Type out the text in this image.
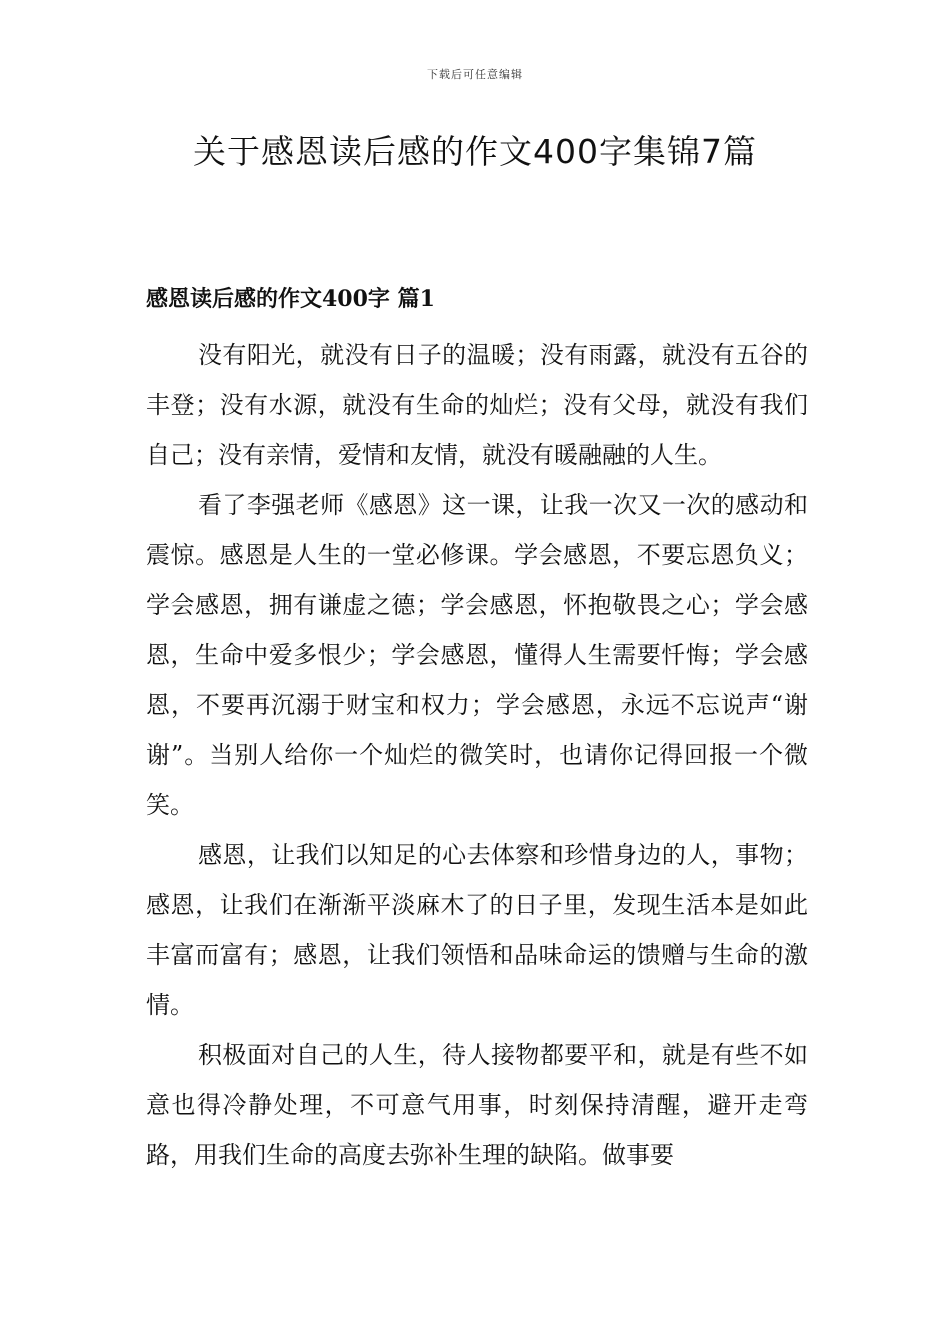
下载后可任意编辑
关于感恩读后感的作文400字集锦7篇
感恩读后感的作文400字 篇1

没有阳光，就没有日子的温暖；没有雨露，就没有五谷的丰登；没有水源，就没有生命的灿烂；没有父母，就没有我们自己；没有亲情，爱情和友情，就没有暖融融的人生。

看了李强老师《感恩》这一课，让我一次又一次的感动和震惊。感恩是人生的一堂必修课。学会感恩，不要忘恩负义；学会感恩，拥有谦虚之德；学会感恩，怀抱敬畏之心；学会感恩，生命中爱多恨少；学会感恩，懂得人生需要忏悔；学会感恩，不要再沉溺于财宝和权力；学会感恩，永远不忘说声“谢谢”。当别人给你一个灿烂的微笑时，也请你记得回报一个微笑。

感恩，让我们以知足的心去体察和珍惜身边的人，事物；感恩，让我们在渐渐平淡麻木了的日子里，发现生活本是如此丰富而富有；感恩，让我们领悟和品味命运的馈赠与生命的激情。

积极面对自己的人生，待人接物都要平和，就是有些不如意也得冷静处理，不可意气用事，时刻保持清醒，避开走弯路，用我们生命的高度去弥补生理的缺陷。做事要
